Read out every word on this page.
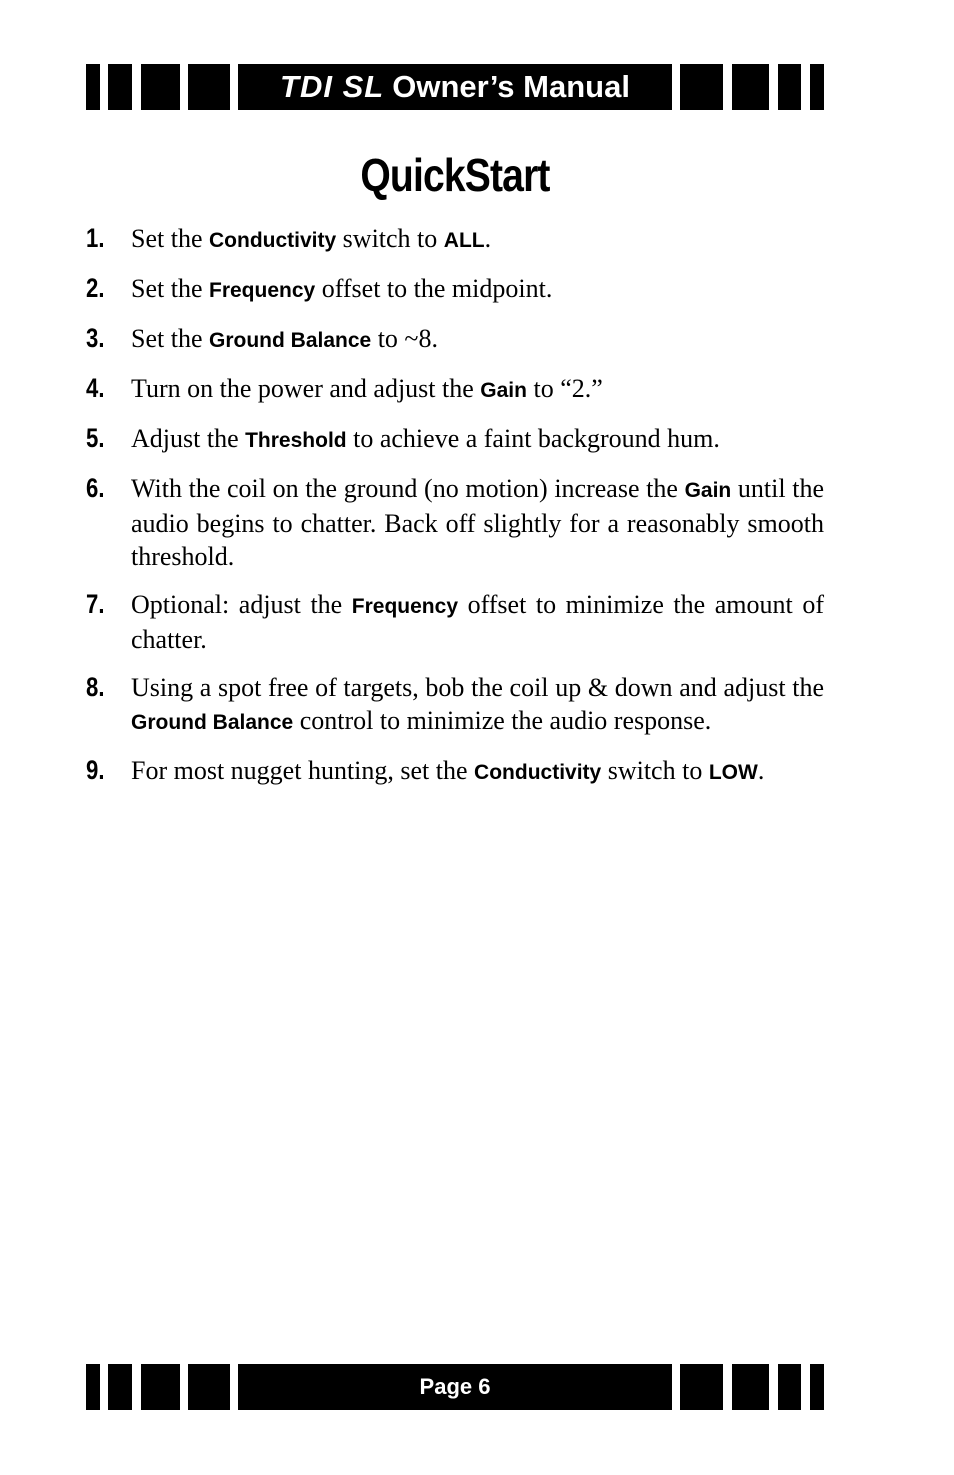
TDI SL Owner’s Manual
QuickStart
1. Set the Conductivity switch to ALL.
2. Set the Frequency offset to the midpoint.
3. Set the Ground Balance to ~8.
4. Turn on the power and adjust the Gain to “2.”
5. Adjust the Threshold to achieve a faint background hum.
6. With the coil on the ground (no motion) increase the Gain until the audio begins to chatter. Back off slightly for a reasonably smooth threshold.
7. Optional: adjust the Frequency offset to minimize the amount of chatter.
8. Using a spot free of targets, bob the coil up & down and adjust the Ground Balance control to minimize the audio response.
9. For most nugget hunting, set the Conductivity switch to LOW.
Page 6
